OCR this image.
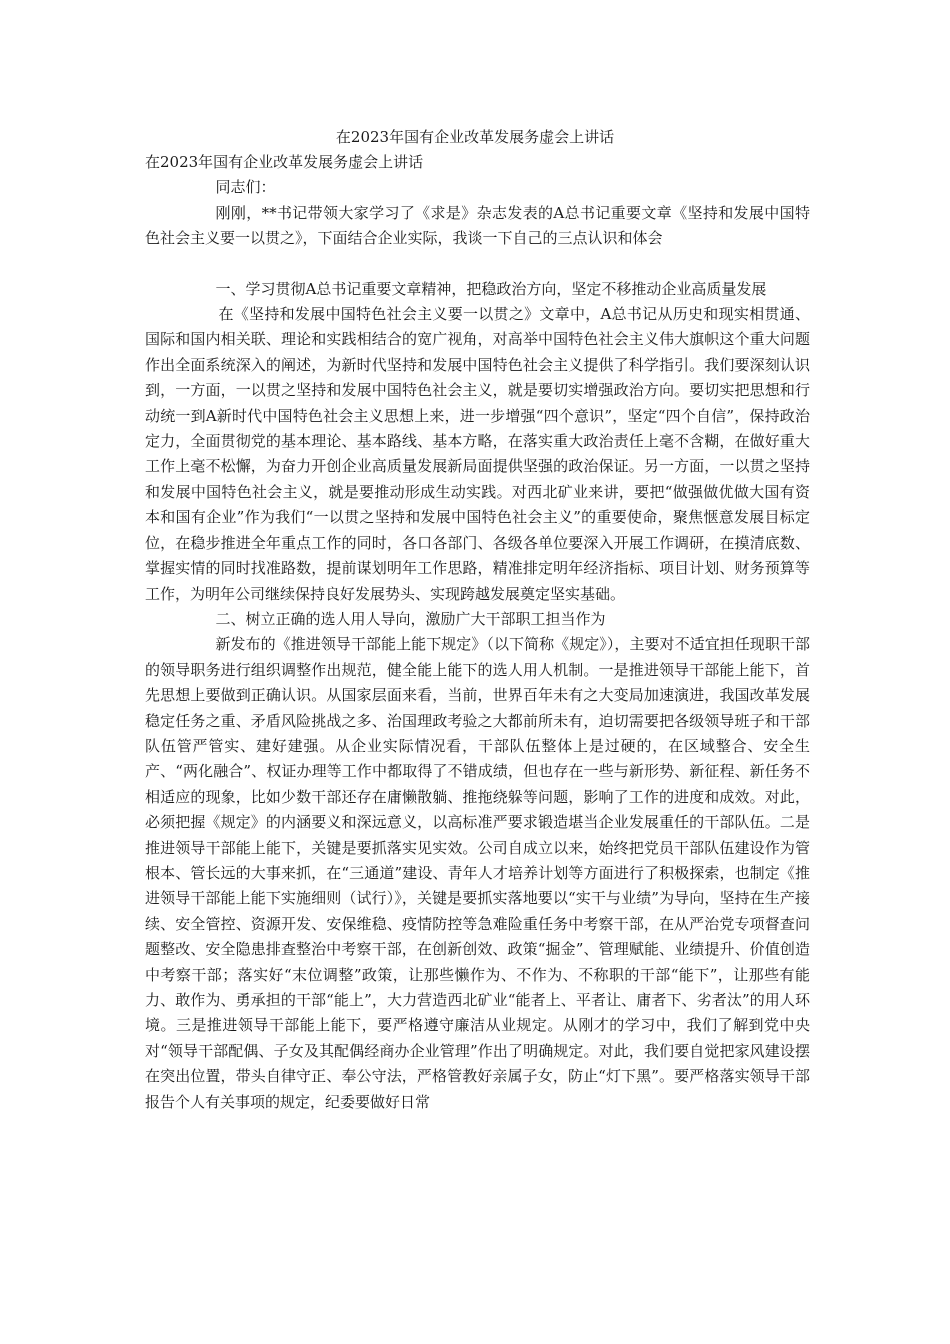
在2023年国有企业改革发展务虚会上讲话

在2023年国有企业改革发展务虚会上讲话

同志们：

刚刚，**书记带领大家学习了《求是》杂志发表的A总书记重要文章《坚持和发展中国特色社会主义要一以贯之》，下面结合企业实际，我谈一下自己的三点认识和体会

一、学习贯彻A总书记重要文章精神，把稳政治方向，坚定不移推动企业高质量发展

在《坚持和发展中国特色社会主义要一以贯之》文章中，A总书记从历史和现实相贯通、国际和国内相关联、理论和实践相结合的宽广视角，对高举中国特色社会主义伟大旗帜这个重大问题作出全面系统深入的阐述，为新时代坚持和发展中国特色社会主义提供了科学指引。我们要深刻认识到，一方面，一以贯之坚持和发展中国特色社会主义，就是要切实增强政治方向。要切实把思想和行动统一到A新时代中国特色社会主义思想上来，进一步增强“四个意识”，坚定“四个自信”，保持政治定力，全面贯彻党的基本理论、基本路线、基本方略，在落实重大政治责任上毫不含糊，在做好重大工作上毫不松懈，为奋力开创企业高质量发展新局面提供坚强的政治保证。另一方面，一以贯之坚持和发展中国特色社会主义，就是要推动形成生动实践。对西北矿业来讲，要把“做强做优做大国有资本和国有企业”作为我们“一以贯之坚持和发展中国特色社会主义”的重要使命，聚焦惬意发展目标定位，在稳步推进全年重点工作的同时，各口各部门、各级各单位要深入开展工作调研，在摸清底数、掌握实情的同时找准路数，提前谋划明年工作思路，精准排定明年经济指标、项目计划、财务预算等工作，为明年公司继续保持良好发展势头、实现跨越发展奠定坚实基础。

二、树立正确的选人用人导向，激励广大干部职工担当作为

新发布的《推进领导干部能上能下规定》（以下简称《规定》），主要对不适宜担任现职干部的领导职务进行组织调整作出规范，健全能上能下的选人用人机制。一是推进领导干部能上能下，首先思想上要做到正确认识。从国家层面来看，当前，世界百年未有之大变局加速演进，我国改革发展稳定任务之重、矛盾风险挑战之多、治国理政考验之大都前所未有，迫切需要把各级领导班子和干部队伍管严管实、建好建强。从企业实际情况看，干部队伍整体上是过硬的，在区域整合、安全生产、“两化融合”、权证办理等工作中都取得了不错成绩，但也存在一些与新形势、新征程、新任务不相适应的现象，比如少数干部还存在庸懒散躺、推拖绕躲等问题，影响了工作的进度和成效。对此，必须把握《规定》的内涵要义和深远意义，以高标准严要求锻造堪当企业发展重任的干部队伍。二是推进领导干部能上能下，关键是要抓落实见实效。公司自成立以来，始终把党员干部队伍建设作为管根本、管长远的大事来抓，在“三通道”建设、青年人才培养计划等方面进行了积极探索，也制定《推进领导干部能上能下实施细则（试行）》，关键是要抓实落地要以“实干与业绩”为导向，坚持在生产接续、安全管控、资源开发、安保维稳、疫情防控等急难险重任务中考察干部，在从严治党专项督查问题整改、安全隐患排查整治中考察干部，在创新创效、政策“掘金”、管理赋能、业绩提升、价值创造中考察干部；落实好“末位调整”政策，让那些懒作为、不作为、不称职的干部“能下”，让那些有能力、敢作为、勇承担的干部“能上”，大力营造西北矿业“能者上、平者让、庸者下、劣者汰”的用人环境。三是推进领导干部能上能下，要严格遵守廉洁从业规定。从刚才的学习中，我们了解到党中央对“领导干部配偶、子女及其配偶经商办企业管理”作出了明确规定。对此，我们要自觉把家风建设摆在突出位置，带头自律守正、奉公守法，严格管教好亲属子女，防止“灯下黑”。要严格落实领导干部报告个人有关事项的规定，纪委要做好日常
